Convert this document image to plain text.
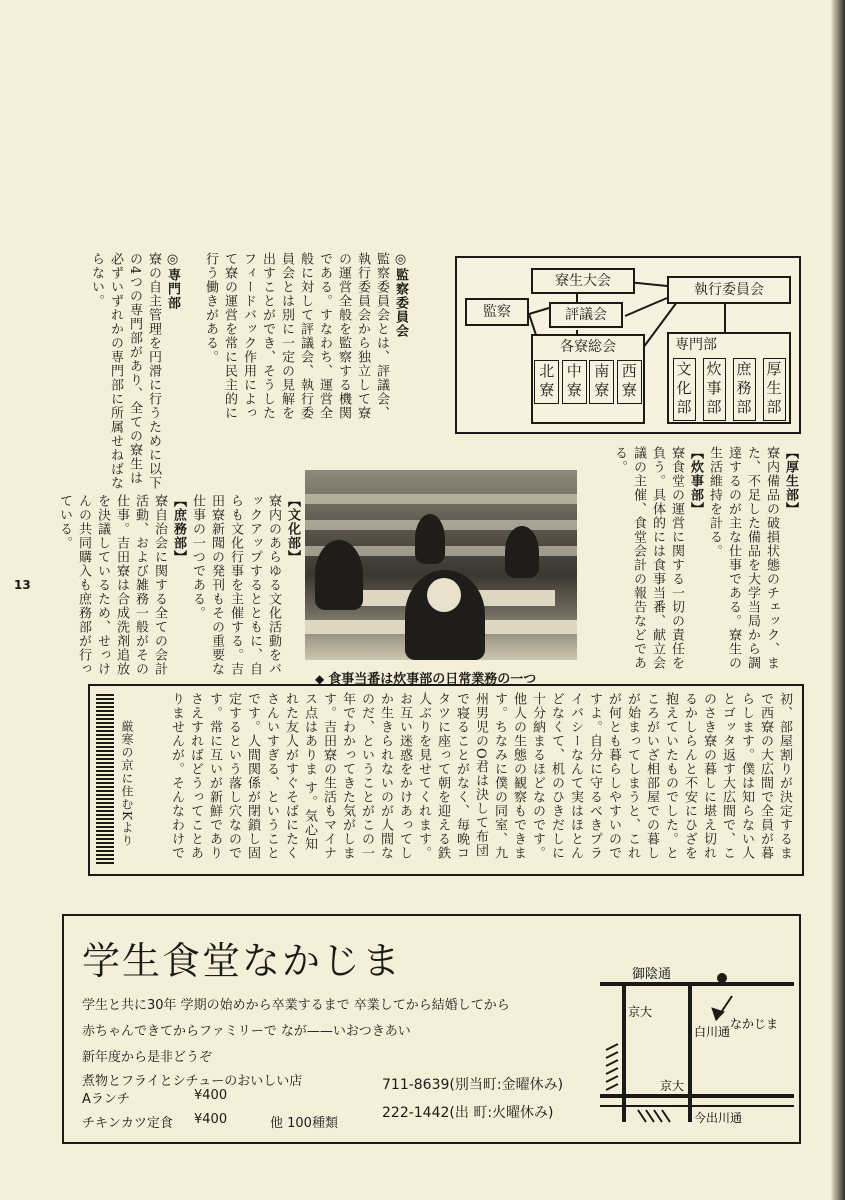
13
◎監察委員会
監察委員会とは、評議会、執行委員会から独立して寮の運営全般を監察する機関である。すなわち、運営全般に対して評議会、執行委員会とは別に一定の見解を出すことができ、そうしたフィードバック作用によって寮の運営を常に民主的に行う働きがある。
◎専門部
寮の自主管理を円滑に行うために以下の4つの専門部があり、全ての寮生は必ずいずれかの専門部に所属せねばならない。	寮生大会
評議会
執行委員会
監察
各寮総会
北寮 中寮 南寮 西寮
専門部
文化部 炊事部 庶務部 厚生部
【厚生部】
寮内備品の破損状態のチェック、また、不足した備品を大学当局から調達するのが主な仕事である。寮生の生活維持を計る。
【炊事部】
寮食堂の運営に関する一切の責任を負う。具体的には食事当番、献立会議の主催、食堂会計の報告などである。
◆ 食事当番は炊事部の日常業務の一つ
【文化部】
寮内のあらゆる文化活動をバックアップするとともに、自らも文化行事を主催する。吉田寮新聞の発刊もその重要な仕事の一つである。
【庶務部】
寮自治会に関する全ての会計活動、および雑務一般がその仕事。吉田寮は合成洗剤追放を決議しているため、せっけんの共同購入も庶務部が行っている。
厳寒の京に住むKより	初、部屋割りが決定するまで西寮の大広間で全員が暮らします。僕は知らない人とゴッタ返す大広間で、このさき寮の暮しに堪え切れるかしらんと不安にひざを抱えていたものでした。ところがいざ相部屋での暮しが始まってしまうと、これが何とも暮らしやすいのですよ。自分に守るべきプライバシーなんて実はほとんどなくて、机のひきだしに十分納まるほどなのです。他人の生態の観察もできます。ちなみに僕の同室、九州男児のO君は決して布団で寝ることがなく、毎晩コタツに座って朝を迎える鉄人ぶりを見せてくれます。お互い迷惑をかけあってしか生きられないのが人間なのだ、ということがこの一年でわかってきた気がします。吉田寮の生活もマイナス点はありま す。気心知れた友人がすぐそばにたくさんいすぎる、ということです。人間関係が閉鎖し固定するという落し穴なのです。常に互いが新鮮でありさえすればどうってことありませんが。そんなわけで
学生食堂なかじま
学生と共に30年 学期の始めから卒業するまで 卒業してから結婚してから
赤ちゃんできてからファミリーで なが——いおつきあい
新年度から是非どうぞ
煮物とフライとシチューのおいしい店
Aランチ	¥400
チキンカツ定食 ¥400	他 100種類
711-8639(別当町:金曜休み)
222-1442(出 町:火曜休み)
御陰通
京大
白川通
なかじま
京大
今出川通
